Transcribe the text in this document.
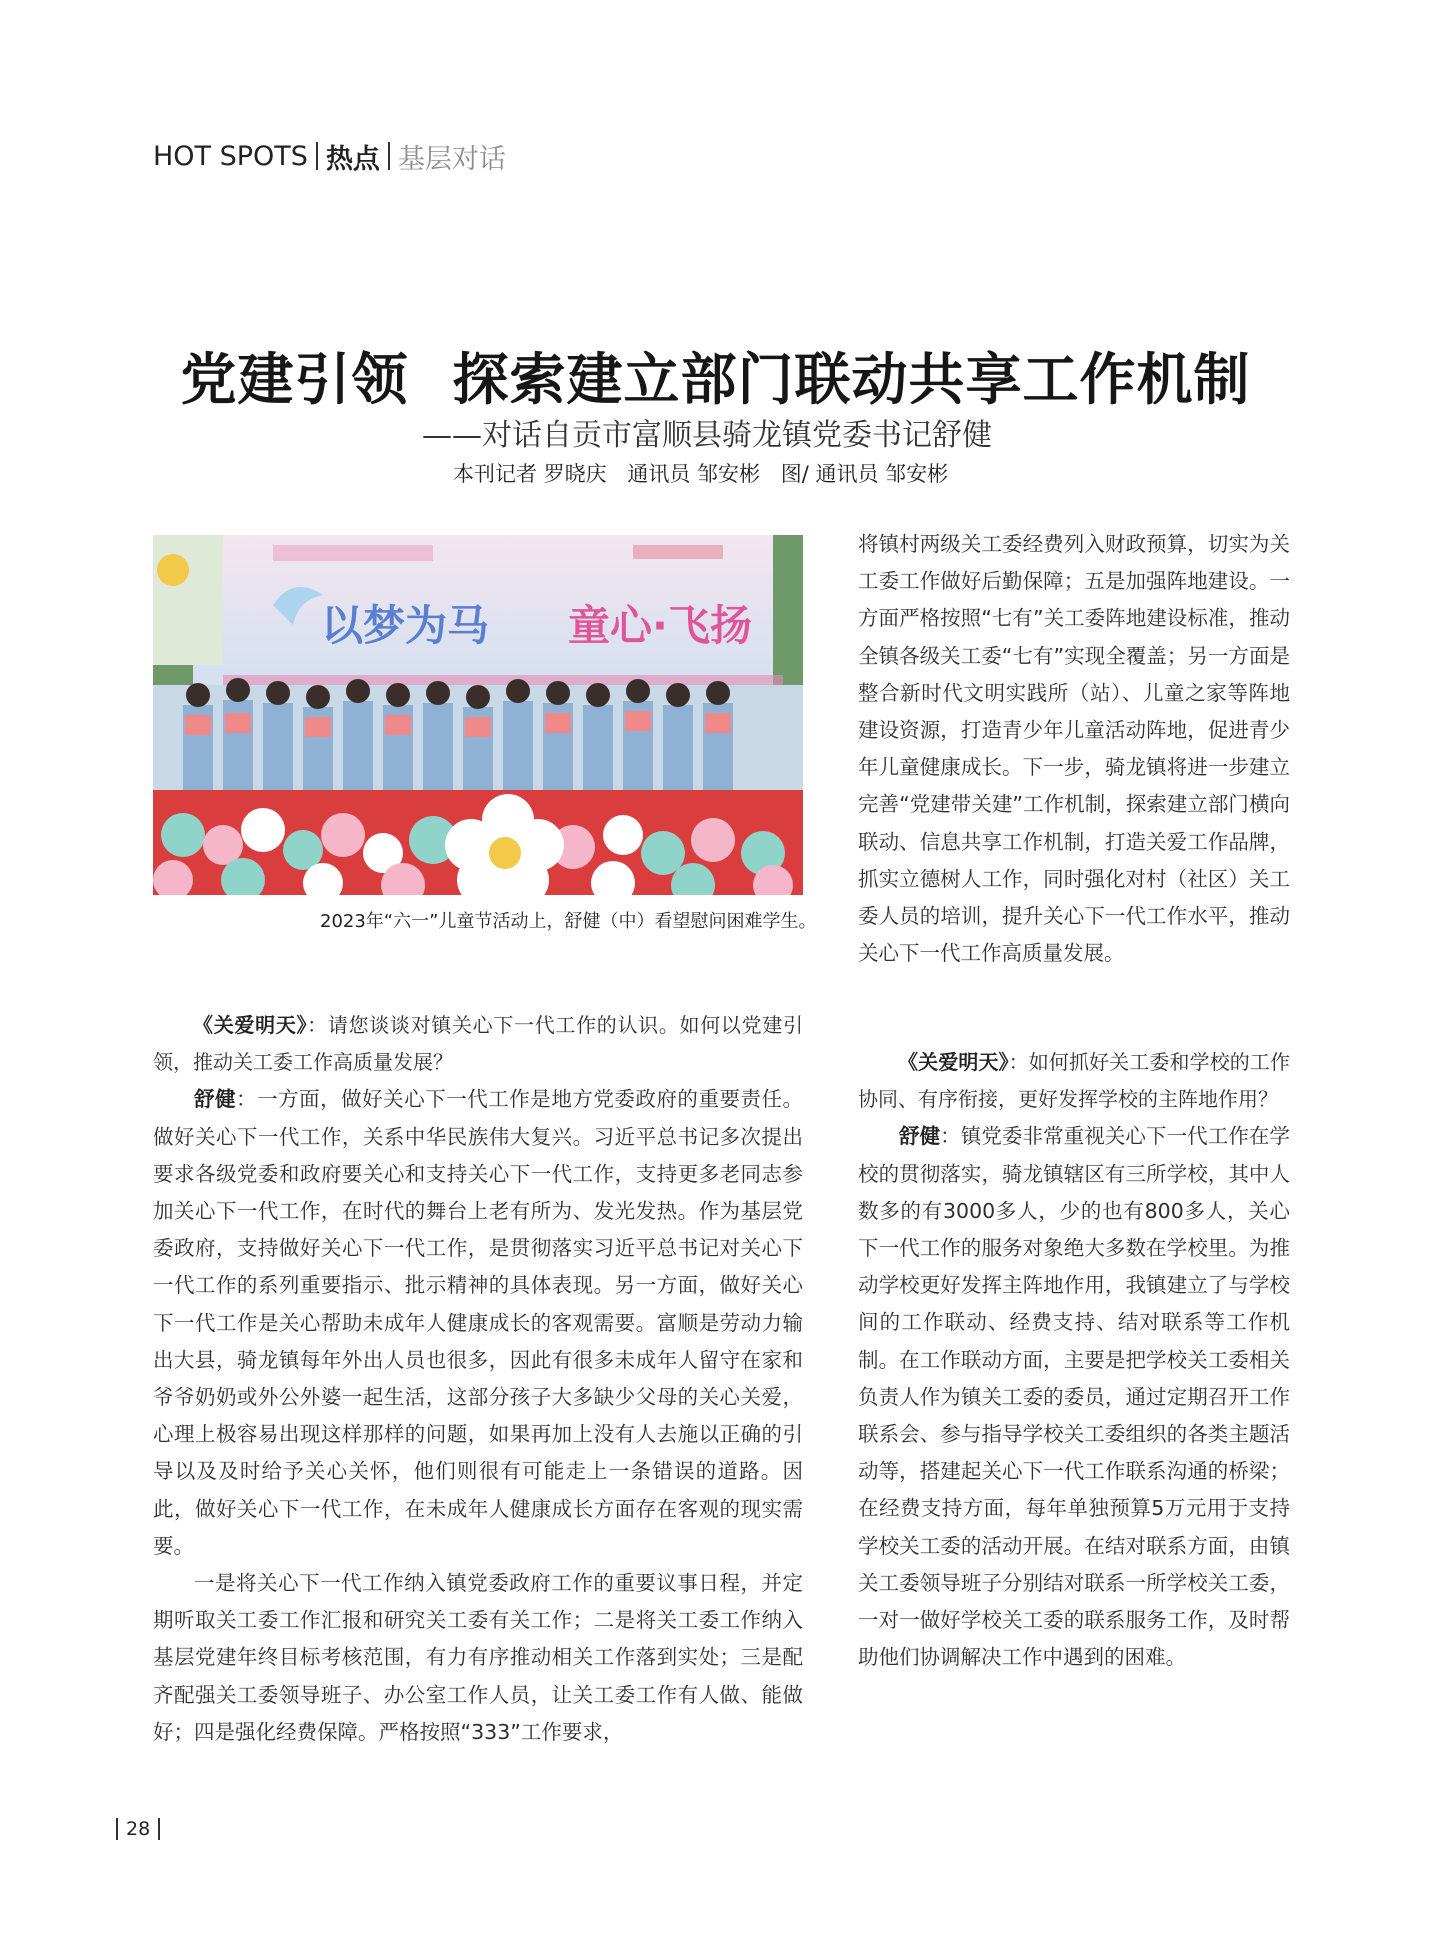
HOT SPOTS 热点 基层对话
党建引领 探索建立部门联动共享工作机制
——对话自贡市富顺县骑龙镇党委书记舒健
本刊记者 罗晓庆 通讯员 邹安彬 图/ 通讯员 邹安彬
以梦为马 童心·飞扬
2023年“六一”儿童节活动上，舒健（中）看望慰问困难学生。

《关爱明天》：请您谈谈对镇关心下一代工作的认识。如何以党建引领，推动关工委工作高质量发展？

舒健：一方面，做好关心下一代工作是地方党委政府的重要责任。做好关心下一代工作，关系中华民族伟大复兴。习近平总书记多次提出要求各级党委和政府要关心和支持关心下一代工作，支持更多老同志参加关心下一代工作，在时代的舞台上老有所为、发光发热。作为基层党委政府，支持做好关心下一代工作，是贯彻落实习近平总书记对关心下一代工作的系列重要指示、批示精神的具体表现。另一方面，做好关心下一代工作是关心帮助未成年人健康成长的客观需要。富顺是劳动力输出大县，骑龙镇每年外出人员也很多，因此有很多未成年人留守在家和爷爷奶奶或外公外婆一起生活，这部分孩子大多缺少父母的关心关爱，心理上极容易出现这样那样的问题，如果再加上没有人去施以正确的引导以及及时给予关心关怀，他们则很有可能走上一条错误的道路。因此，做好关心下一代工作，在未成年人健康成长方面存在客观的现实需要。

一是将关心下一代工作纳入镇党委政府工作的重要议事日程，并定期听取关工委工作汇报和研究关工委有关工作；二是将关工委工作纳入基层党建年终目标考核范围，有力有序推动相关工作落到实处；三是配齐配强关工委领导班子、办公室工作人员，让关工委工作有人做、能做好；四是强化经费保障。严格按照“333”工作要求，

将镇村两级关工委经费列入财政预算，切实为关工委工作做好后勤保障；五是加强阵地建设。一方面严格按照“七有”关工委阵地建设标准，推动全镇各级关工委“七有”实现全覆盖；另一方面是整合新时代文明实践所（站）、儿童之家等阵地建设资源，打造青少年儿童活动阵地，促进青少年儿童健康成长。下一步，骑龙镇将进一步建立完善“党建带关建”工作机制，探索建立部门横向联动、信息共享工作机制，打造关爱工作品牌，抓实立德树人工作，同时强化对村（社区）关工委人员的培训，提升关心下一代工作水平，推动关心下一代工作高质量发展。

《关爱明天》：如何抓好关工委和学校的工作协同、有序衔接，更好发挥学校的主阵地作用？

舒健：镇党委非常重视关心下一代工作在学校的贯彻落实，骑龙镇辖区有三所学校，其中人数多的有3000多人，少的也有800多人，关心下一代工作的服务对象绝大多数在学校里。为推动学校更好发挥主阵地作用，我镇建立了与学校间的工作联动、经费支持、结对联系等工作机制。在工作联动方面，主要是把学校关工委相关负责人作为镇关工委的委员，通过定期召开工作联系会、参与指导学校关工委组织的各类主题活动等，搭建起关心下一代工作联系沟通的桥梁；在经费支持方面，每年单独预算5万元用于支持学校关工委的活动开展。在结对联系方面，由镇关工委领导班子分别结对联系一所学校关工委，一对一做好学校关工委的联系服务工作，及时帮助他们协调解决工作中遇到的困难。

28
